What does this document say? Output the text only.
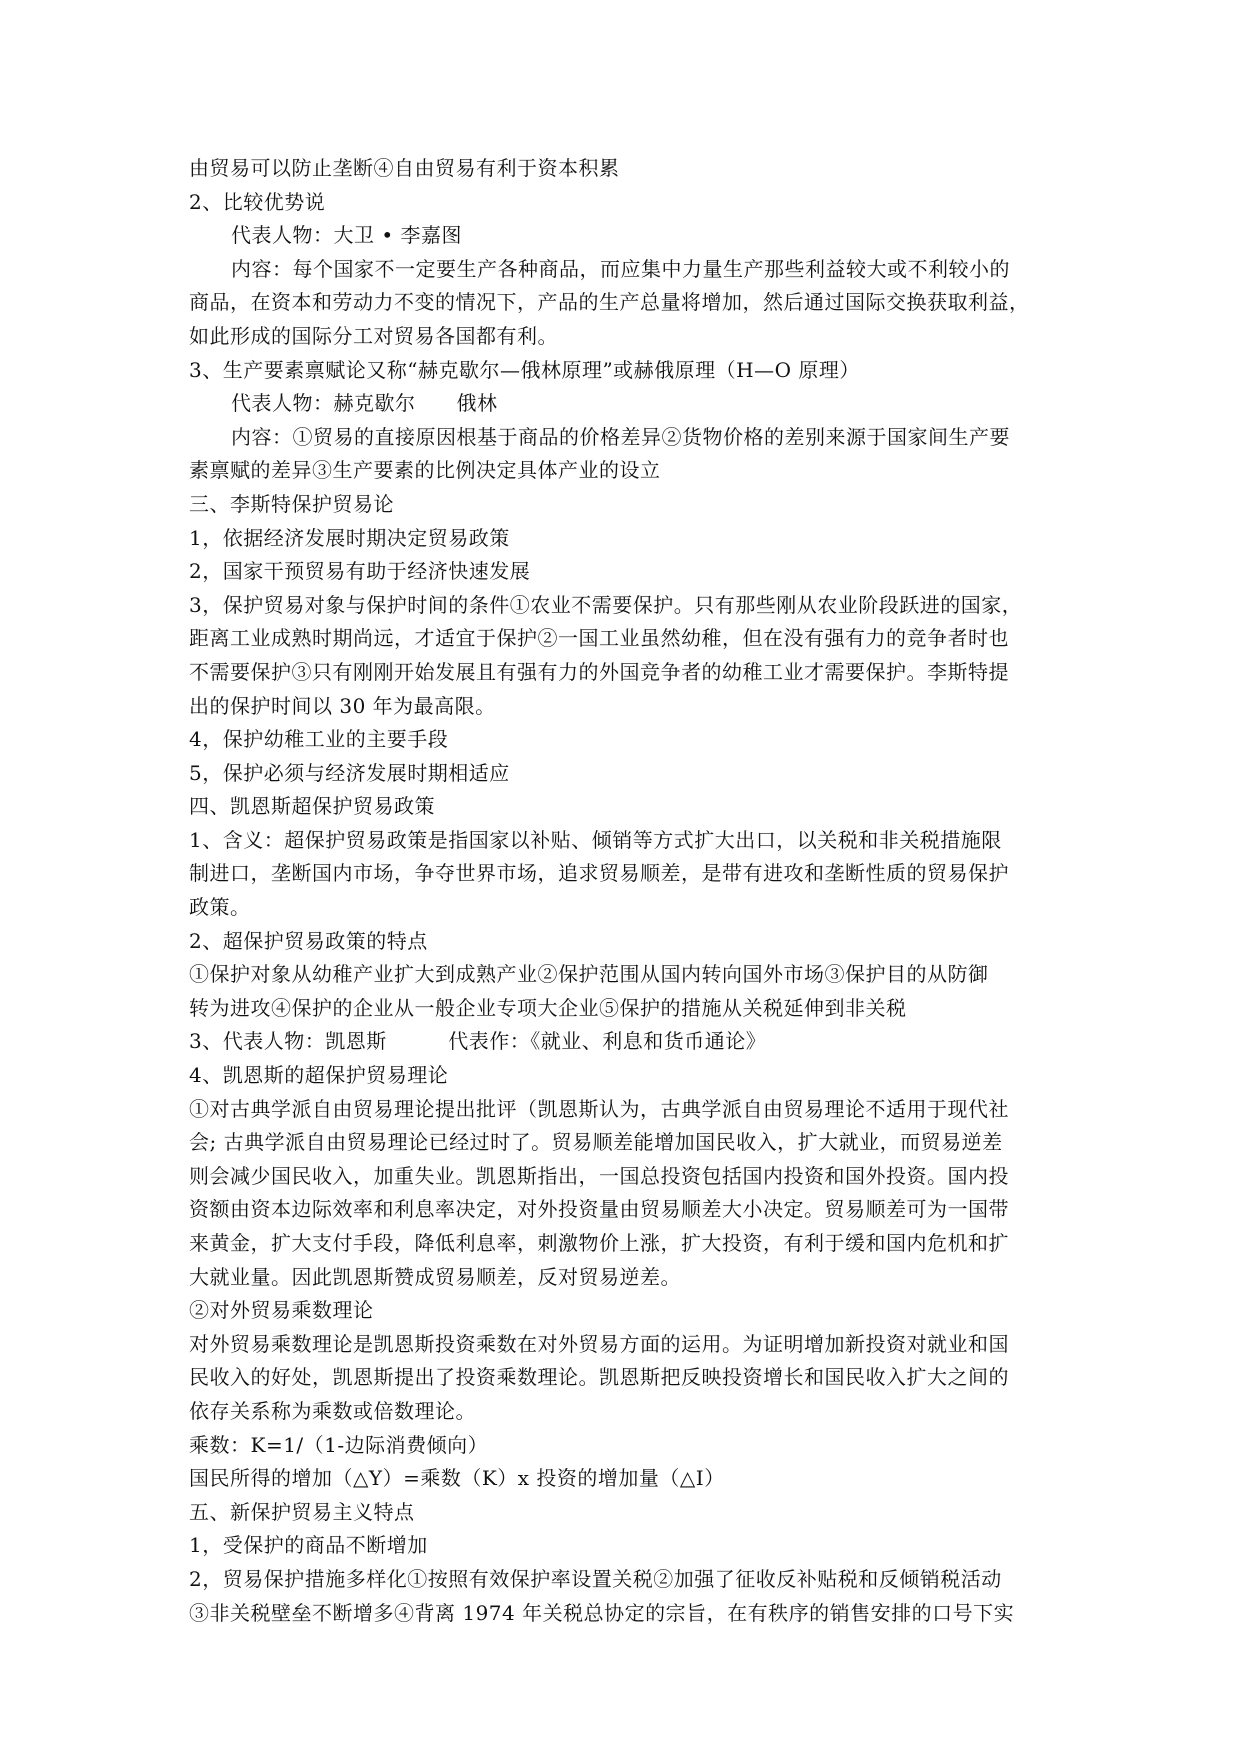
由贸易可以防止垄断④自由贸易有利于资本积累
2、比较优势说
代表人物：大卫 • 李嘉图
内容：每个国家不一定要生产各种商品，而应集中力量生产那些利益较大或不利较小的
商品，在资本和劳动力不变的情况下，产品的生产总量将增加，然后通过国际交换获取利益，
如此形成的国际分工对贸易各国都有利。
3、生产要素禀赋论又称“赫克歇尔—俄林原理”或赫俄原理（H—O 原理）
代表人物：赫克歇尔　　俄林
内容：①贸易的直接原因根基于商品的价格差异②货物价格的差别来源于国家间生产要
素禀赋的差异③生产要素的比例决定具体产业的设立
三、李斯特保护贸易论
1，依据经济发展时期决定贸易政策
2，国家干预贸易有助于经济快速发展
3，保护贸易对象与保护时间的条件①农业不需要保护。只有那些刚从农业阶段跃进的国家，
距离工业成熟时期尚远，才适宜于保护②一国工业虽然幼稚，但在没有强有力的竞争者时也
不需要保护③只有刚刚开始发展且有强有力的外国竞争者的幼稚工业才需要保护。李斯特提
出的保护时间以 30 年为最高限。
4，保护幼稚工业的主要手段
5，保护必须与经济发展时期相适应
四、凯恩斯超保护贸易政策
1、含义：超保护贸易政策是指国家以补贴、倾销等方式扩大出口，以关税和非关税措施限
制进口，垄断国内市场，争夺世界市场，追求贸易顺差，是带有进攻和垄断性质的贸易保护
政策。
2、超保护贸易政策的特点
①保护对象从幼稚产业扩大到成熟产业②保护范围从国内转向国外市场③保护目的从防御
转为进攻④保护的企业从一般企业专项大企业⑤保护的措施从关税延伸到非关税
3、代表人物：凯恩斯　　　代表作：《就业、利息和货币通论》
4、凯恩斯的超保护贸易理论
①对古典学派自由贸易理论提出批评（凯恩斯认为，古典学派自由贸易理论不适用于现代社
会; 古典学派自由贸易理论已经过时了。贸易顺差能增加国民收入，扩大就业，而贸易逆差
则会减少国民收入，加重失业。凯恩斯指出，一国总投资包括国内投资和国外投资。国内投
资额由资本边际效率和利息率决定，对外投资量由贸易顺差大小决定。贸易顺差可为一国带
来黄金，扩大支付手段，降低利息率，刺激物价上涨，扩大投资，有利于缓和国内危机和扩
大就业量。因此凯恩斯赞成贸易顺差，反对贸易逆差。
②对外贸易乘数理论
对外贸易乘数理论是凯恩斯投资乘数在对外贸易方面的运用。为证明增加新投资对就业和国
民收入的好处，凯恩斯提出了投资乘数理论。凯恩斯把反映投资增长和国民收入扩大之间的
依存关系称为乘数或倍数理论。
乘数：K=1/（1-边际消费倾向）
国民所得的增加（△Y）=乘数（K）x 投资的增加量（△I）
五、新保护贸易主义特点
1，受保护的商品不断增加
2，贸易保护措施多样化①按照有效保护率设置关税②加强了征收反补贴税和反倾销税活动
③非关税壁垒不断增多④背离 1974 年关税总协定的宗旨，在有秩序的销售安排的口号下实
